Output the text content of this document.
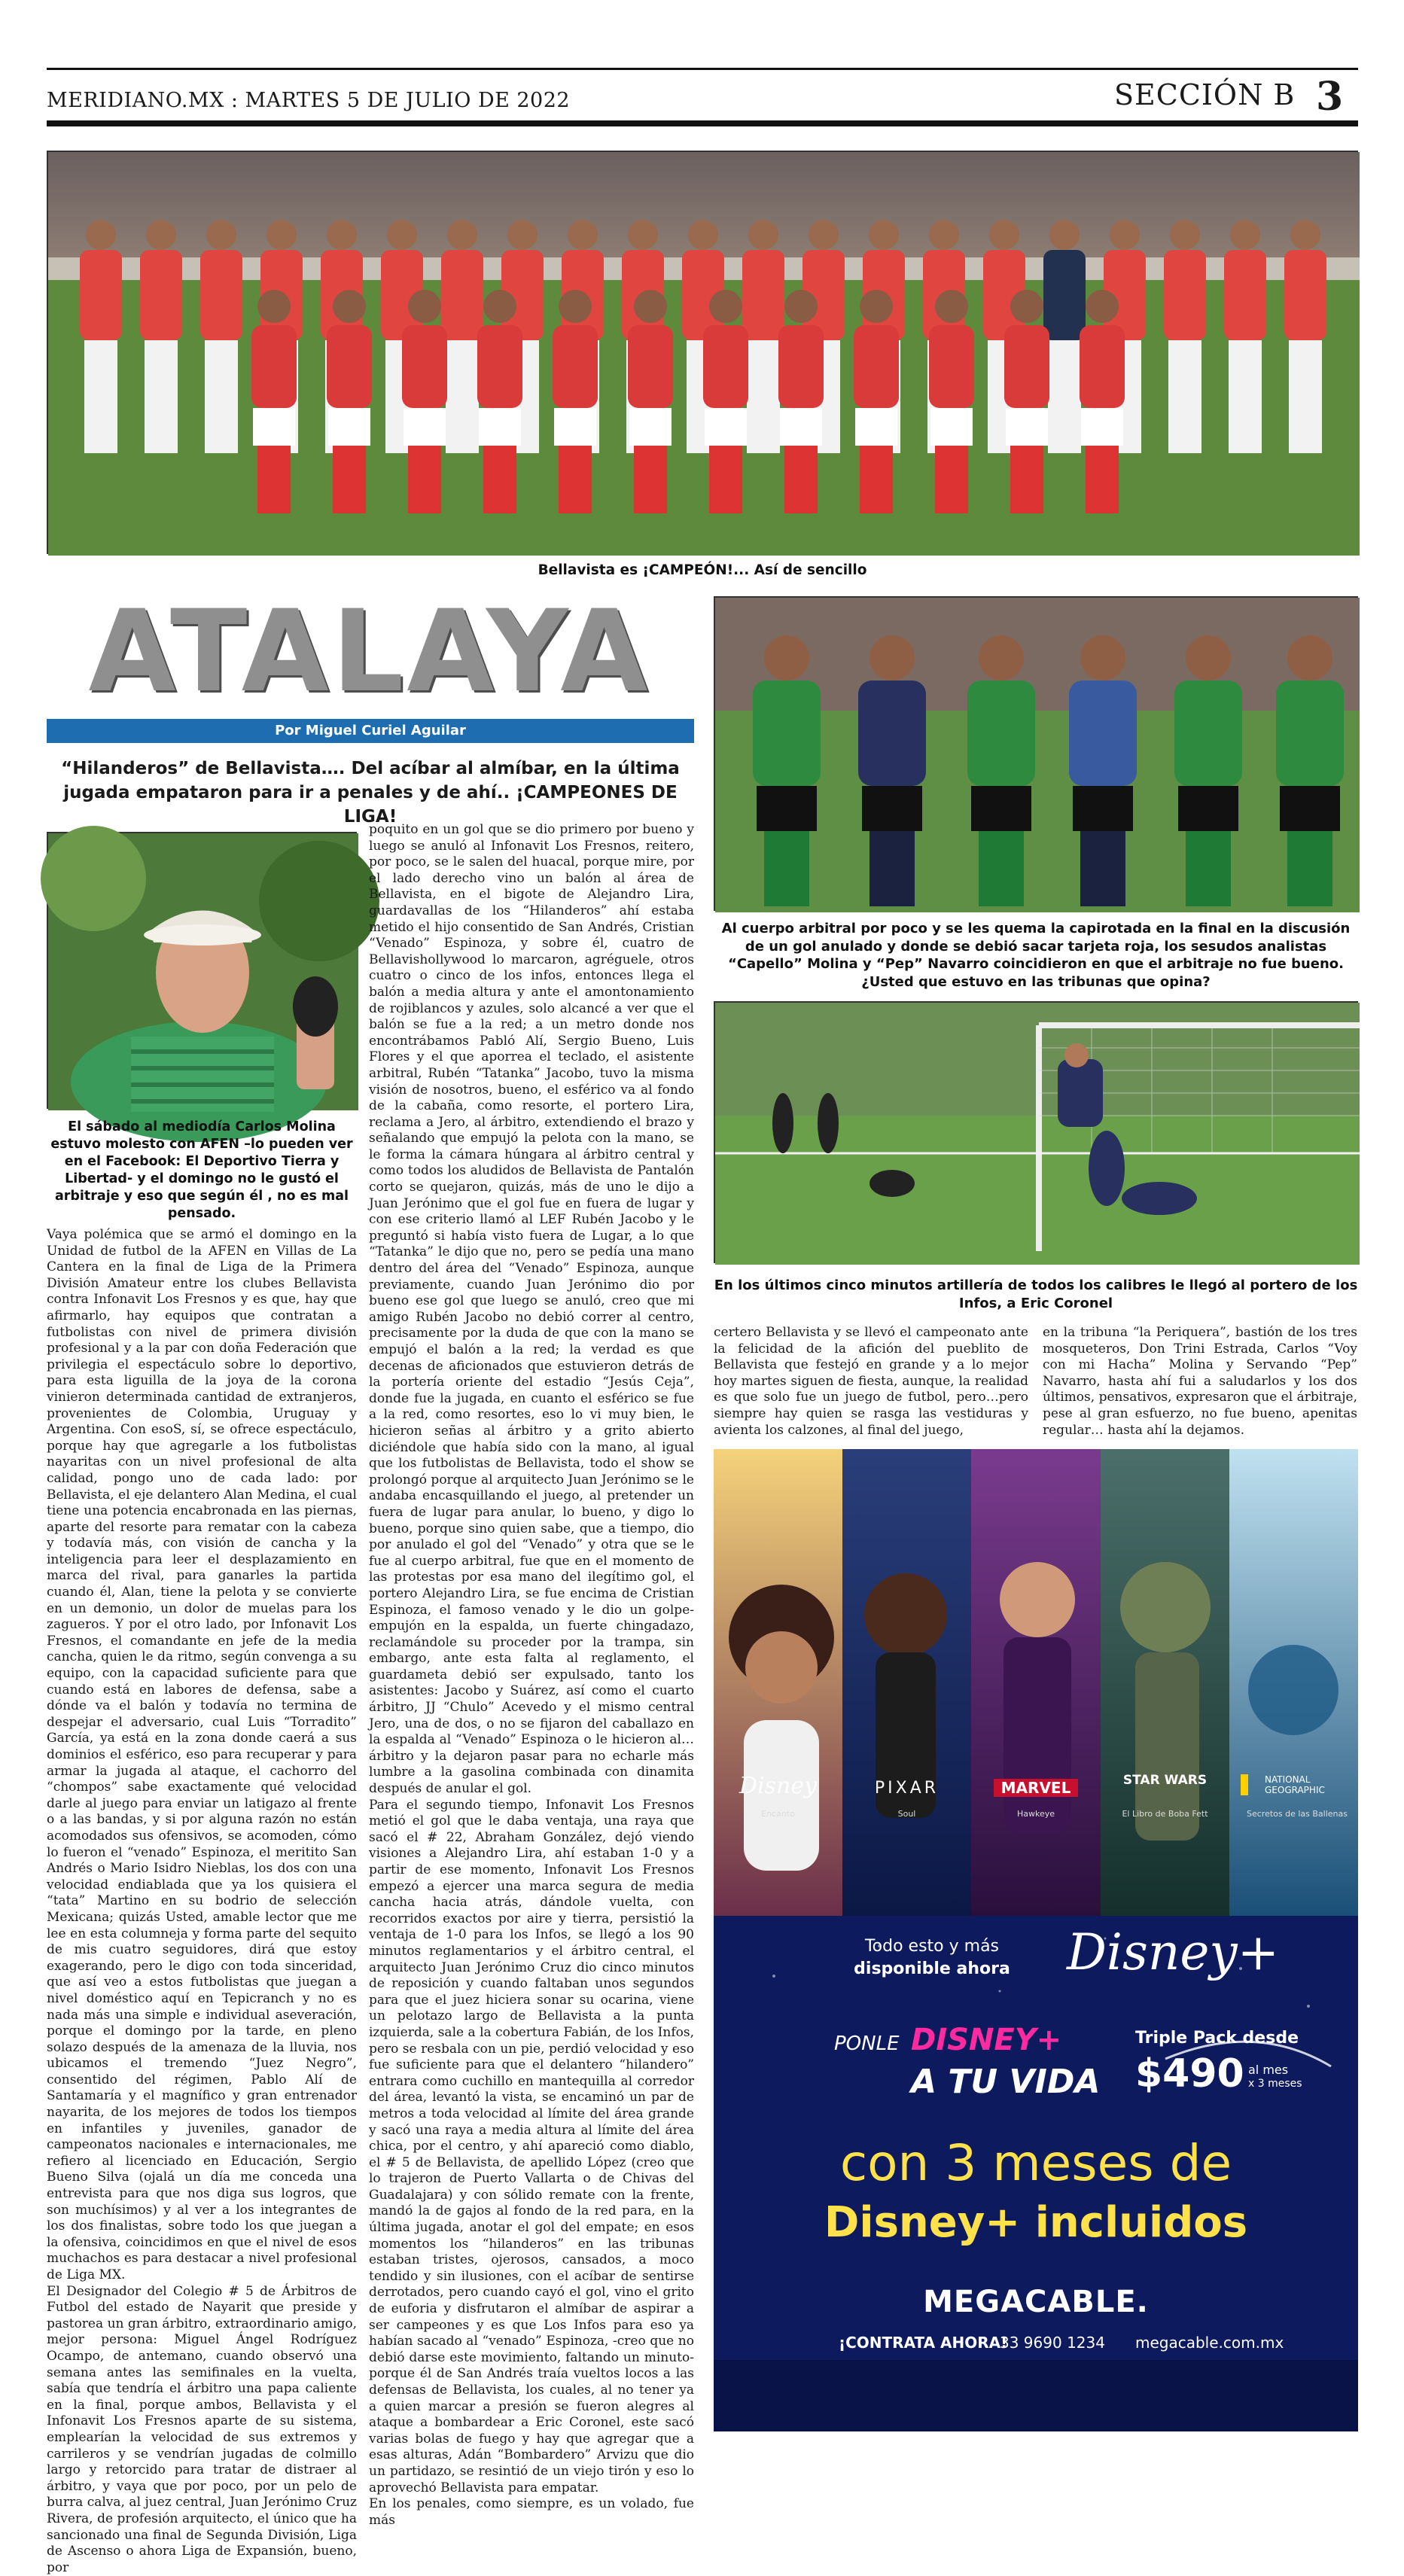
MERIDIANO.MX : MARTES 5 DE JULIO DE 2022	SECCIÓN B 3
Bellavista es ¡CAMPEÓN!... Así de sencillo
ATALAYA
Por Miguel Curiel Aguilar
“Hilanderos” de Bellavista…. Del acíbar al almíbar, en la última jugada empataron para ir a penales y de ahí.. ¡CAMPEONES DE LIGA!
El sábado al mediodía Carlos Molina estuvo molesto con AFEN –lo pueden ver en el Facebook: El Deportivo Tierra y Libertad- y el domingo no le gustó el arbitraje y eso que según él , no es mal pensado.

Vaya polémica que se armó el domingo en la Unidad de futbol de la AFEN en Villas de La Cantera en la final de Liga de la Primera División Amateur entre los clubes Bellavista contra Infonavit Los Fresnos y es que, hay que afirmarlo, hay equipos que contratan a futbolistas con nivel de primera división profesional y a la par con doña Federación que privilegia el espectáculo sobre lo deportivo, para esta liguilla de la joya de la corona vinieron determinada cantidad de extranjeros, provenientes de Colombia, Uruguay y Argentina. Con esoS, sí, se ofrece espectáculo, porque hay que agregarle a los futbolistas nayaritas con un nivel profesional de alta calidad, pongo uno de cada lado: por Bellavista, el eje delantero Alan Medina, el cual tiene una potencia encabronada en las piernas, aparte del resorte para rematar con la cabeza y todavía más, con visión de cancha y la inteligencia para leer el desplazamiento en marca del rival, para ganarles la partida cuando él, Alan, tiene la pelota y se convierte en un demonio, un dolor de muelas para los zagueros. Y por el otro lado, por Infonavit Los Fresnos, el comandante en jefe de la media cancha, quien le da ritmo, según convenga a su equipo, con la capacidad suficiente para que cuando está en labores de defensa, sabe a dónde va el balón y todavía no termina de despejar el adversario, cual Luis “Torradito” García, ya está en la zona donde caerá a sus dominios el esférico, eso para recuperar y para armar la jugada al ataque, el cachorro del “chompos” sabe exactamente qué velocidad darle al juego para enviar un latigazo al frente o a las bandas, y si por alguna razón no están acomodados sus ofensivos, se acomoden, cómo lo fueron el “venado” Espinoza, el meritito San Andrés o Mario Isidro Nieblas, los dos con una velocidad endiablada que ya los quisiera el “tata” Martino en su bodrio de selección Mexicana; quizás Usted, amable lector que me lee en esta columneja y forma parte del sequito de mis cuatro seguidores, dirá que estoy exagerando, pero le digo con toda sinceridad, que así veo a estos futbolistas que juegan a nivel doméstico aquí en Tepicranch y no es nada más una simple e individual aseveración, porque el domingo por la tarde, en pleno solazo después de la amenaza de la lluvia, nos ubicamos el tremendo “Juez Negro”, consentido del régimen, Pablo Alí de Santamaría y el magnífico y gran entrenador nayarita, de los mejores de todos los tiempos en infantiles y juveniles, ganador de campeonatos nacionales e internacionales, me refiero al licenciado en Educación, Sergio Bueno Silva (ojalá un día me conceda una entrevista para que nos diga sus logros, que son muchísimos) y al ver a los integrantes de los dos finalistas, sobre todo los que juegan a la ofensiva, coincidimos en que el nivel de esos muchachos es para destacar a nivel profesional de Liga MX.
El Designador del Colegio # 5 de Árbitros de Futbol del estado de Nayarit que preside y pastorea un gran árbitro, extraordinario amigo, mejor persona: Miguel Ángel Rodríguez Ocampo, de antemano, cuando observó una semana antes las semifinales en la vuelta, sabía que tendría el árbitro una papa caliente en la final, porque ambos, Bellavista y el Infonavit Los Fresnos aparte de su sistema, emplearían la velocidad de sus extremos y carrileros y se vendrían jugadas de colmillo largo y retorcido para tratar de distraer al árbitro, y vaya que por poco, por un pelo de burra calva, al juez central, Juan Jerónimo Cruz Rivera, de profesión arquitecto, el único que ha sancionado una final de Segunda División, Liga de Ascenso o ahora Liga de Expansión, bueno, por

poquito en un gol que se dio primero por bueno y luego se anuló al Infonavit Los Fresnos, reitero, por poco, se le salen del huacal, porque mire, por el lado derecho vino un balón al área de Bellavista, en el bigote de Alejandro Lira, guardavallas de los “Hilanderos” ahí estaba metido el hijo consentido de San Andrés, Cristian “Venado” Espinoza, y sobre él, cuatro de Bellavishollywood lo marcaron, agréguele, otros cuatro o cinco de los infos, entonces llega el balón a media altura y ante el amontonamiento de rojiblancos y azules, solo alcancé a ver que el balón se fue a la red; a un metro donde nos encontrábamos Pabló Alí, Sergio Bueno, Luis Flores y el que aporrea el teclado, el asistente arbitral, Rubén “Tatanka” Jacobo, tuvo la misma visión de nosotros, bueno, el esférico va al fondo de la cabaña, como resorte, el portero Lira, reclama a Jero, al árbitro, extendiendo el brazo y señalando que empujó la pelota con la mano, se le forma la cámara húngara al árbitro central y como todos los aludidos de Bellavista de Pantalón corto se quejaron, quizás, más de uno le dijo a Juan Jerónimo que el gol fue en fuera de lugar y con ese criterio llamó al LEF Rubén Jacobo y le preguntó si había visto fuera de Lugar, a lo que “Tatanka” le dijo que no, pero se pedía una mano dentro del área del “Venado” Espinoza, aunque previamente, cuando Juan Jerónimo dio por bueno ese gol que luego se anuló, creo que mi amigo Rubén Jacobo no debió correr al centro, precisamente por la duda de que con la mano se empujó el balón a la red; la verdad es que decenas de aficionados que estuvieron detrás de la portería oriente del estadio “Jesús Ceja”, donde fue la jugada, en cuanto el esférico se fue a la red, como resortes, eso lo vi muy bien, le hicieron señas al árbitro y a grito abierto diciéndole que había sido con la mano, al igual que los futbolistas de Bellavista, todo el show se prolongó porque al arquitecto Juan Jerónimo se le andaba encasquillando el juego, al pretender un fuera de lugar para anular, lo bueno, y digo lo bueno, porque sino quien sabe, que a tiempo, dio por anulado el gol del “Venado” y otra que se le fue al cuerpo arbitral, fue que en el momento de las protestas por esa mano del ilegítimo gol, el portero Alejandro Lira, se fue encima de Cristian Espinoza, el famoso venado y le dio un golpe-empujón en la espalda, un fuerte chingadazo, reclamándole su proceder por la trampa, sin embargo, ante esta falta al reglamento, el guardameta debió ser expulsado, tanto los asistentes: Jacobo y Suárez, así como el cuarto árbitro, JJ “Chulo” Acevedo y el mismo central Jero, una de dos, o no se fijaron del caballazo en la espalda al “Venado” Espinoza o le hicieron al…árbitro y la dejaron pasar para no echarle más lumbre a la gasolina combinada con dinamita después de anular el gol.
Para el segundo tiempo, Infonavit Los Fresnos metió el gol que le daba ventaja, una raya que sacó el # 22, Abraham González, dejó viendo visiones a Alejandro Lira, ahí estaban 1-0 y a partir de ese momento, Infonavit Los Fresnos empezó a ejercer una marca segura de media cancha hacia atrás, dándole vuelta, con recorridos exactos por aire y tierra, persistió la ventaja de 1-0 para los Infos, se llegó a los 90 minutos reglamentarios y el árbitro central, el arquitecto Juan Jerónimo Cruz dio cinco minutos de reposición y cuando faltaban unos segundos para que el juez hiciera sonar su ocarina, viene un pelotazo largo de Bellavista a la punta izquierda, sale a la cobertura Fabián, de los Infos, pero se resbala con un pie, perdió velocidad y eso fue suficiente para que el delantero “hilandero” entrara como cuchillo en mantequilla al corredor del área, levantó la vista, se encaminó un par de metros a toda velocidad al límite del área grande y sacó una raya a media altura al límite del área chica, por el centro, y ahí apareció como diablo, el # 5 de Bellavista, de apellido López (creo que lo trajeron de Puerto Vallarta o de Chivas del Guadalajara) y con sólido remate con la frente, mandó la de gajos al fondo de la red para, en la última jugada, anotar el gol del empate; en esos momentos los “hilanderos” en las tribunas estaban tristes, ojerosos, cansados, a moco tendido y sin ilusiones, con el acíbar de sentirse derrotados, pero cuando cayó el gol, vino el grito de euforia y disfrutaron el almíbar de aspirar a ser campeones y es que Los Infos para eso ya habían sacado al “venado” Espinoza, -creo que no debió darse este movimiento, faltando un minuto- porque él de San Andrés traía vueltos locos a las defensas de Bellavista, los cuales, al no tener ya a quien marcar a presión se fueron alegres al ataque a bombardear a Eric Coronel, este sacó varias bolas de fuego y hay que agregar que a esas alturas, Adán “Bombardero” Arvizu que dio un partidazo, se resintió de un viejo tirón y eso lo aprovechó Bellavista para empatar.
En los penales, como siempre, es un volado, fue más

certero Bellavista y se llevó el campeonato ante la felicidad de la afición del pueblito de Bellavista que festejó en grande y a lo mejor hoy martes siguen de fiesta, aunque, la realidad es que solo fue un juego de futbol, pero…pero siempre hay quien se rasga las vestiduras y avienta los calzones, al final del juego,

en la tribuna “la Periquera”, bastión de los tres mosqueteros, Don Trini Estrada, Carlos “Voy con mi Hacha” Molina y Servando “Pep” Navarro, hasta ahí fui a saludarlos y los dos últimos, pensativos, expresaron que el árbitraje, pese al gran esfuerzo, no fue bueno, apenitas regular… hasta ahí la dejamos.

Al cuerpo arbitral por poco y se les quema la capirotada en la final en la discusión de un gol anulado y donde se debió sacar tarjeta roja, los sesudos analistas “Capello” Molina y “Pep” Navarro coincidieron en que el arbitraje no fue bueno. ¿Usted que estuvo en las tribunas que opina?
En los últimos cinco minutos artillería de todos los calibres le llegó al portero de los Infos, a Eric Coronel
Disney	PIXAR	MARVEL	STAR WARS	NATIONAL GEOGRAPHIC
Encanto	Soul	Hawkeye	El Libro de Boba Fett	Secretos de las Ballenas
Todo esto y más
disponible ahora	Disney+
PONLE DISNEY+
A TU VIDA
Triple Pack desde
$490 al mes
x 3 meses
con 3 meses de
Disney+ incluidos
MEGACABLE.
¡CONTRATA AHORA!
33 9690 1234 megacable.com.mx
